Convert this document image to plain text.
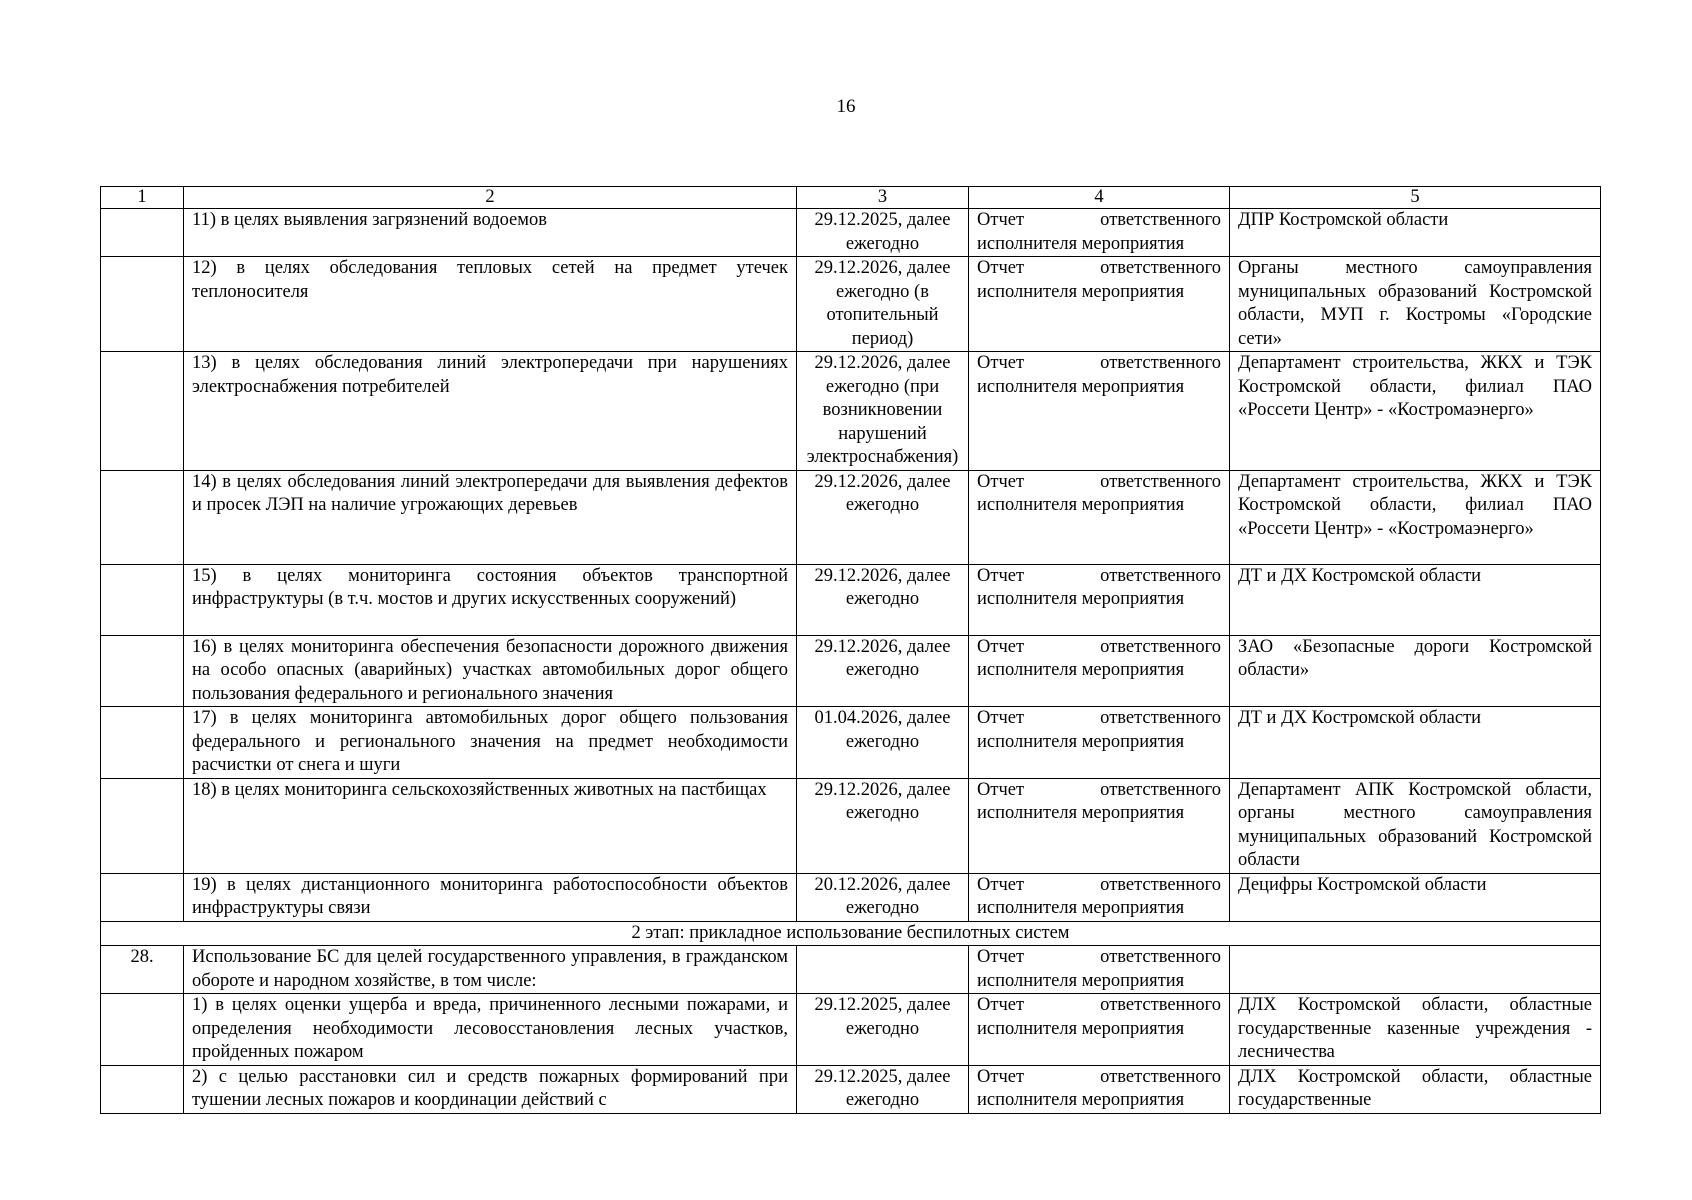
16
1	2	3	4	5
	11) в целях выявления загрязнений водоемов	29.12.2025, далее ежегодно	Отчет ответственного исполнителя мероприятия	ДПР Костромской области
	12) в целях обследования тепловых сетей на предмет утечек теплоносителя	29.12.2026, далее ежегодно (в отопительный период)	Отчет ответственного исполнителя мероприятия	Органы местного самоуправления муниципальных образований Костромской области, МУП г. Костромы «Городские сети»
	13) в целях обследования линий электропередачи при нарушениях электроснабжения потребителей	29.12.2026, далее ежегодно (при возникновении нарушений электроснабжения)	Отчет ответственного исполнителя мероприятия	Департамент строительства, ЖКХ и ТЭК Костромской области, филиал ПАО «Россети Центр» - «Костромаэнерго»
	14) в целях обследования линий электропередачи для выявления дефектов и просек ЛЭП на наличие угрожающих деревьев	29.12.2026, далее ежегодно	Отчет ответственного исполнителя мероприятия	Департамент строительства, ЖКХ и ТЭК Костромской области, филиал ПАО «Россети Центр» - «Костромаэнерго»
	15) в целях мониторинга состояния объектов транспортной инфраструктуры (в т.ч. мостов и других искусственных сооружений)	29.12.2026, далее ежегодно	Отчет ответственного исполнителя мероприятия	ДТ и ДХ Костромской области
	16) в целях мониторинга обеспечения безопасности дорожного движения на особо опасных (аварийных) участках автомобильных дорог общего пользования федерального и регионального значения	29.12.2026, далее ежегодно	Отчет ответственного исполнителя мероприятия	ЗАО «Безопасные дороги Костромской области»
	17) в целях мониторинга автомобильных дорог общего пользования федерального и регионального значения на предмет необходимости расчистки от снега и шуги	01.04.2026, далее ежегодно	Отчет ответственного исполнителя мероприятия	ДТ и ДХ Костромской области
	18) в целях мониторинга сельскохозяйственных животных на пастбищах	29.12.2026, далее ежегодно	Отчет ответственного исполнителя мероприятия	Департамент АПК Костромской области, органы местного самоуправления муниципальных образований Костромской области
	19) в целях дистанционного мониторинга работоспособности объектов инфраструктуры связи	20.12.2026, далее ежегодно	Отчет ответственного исполнителя мероприятия	Децифры Костромской области
2 этап: прикладное использование беспилотных систем				
28.	Использование БС для целей государственного управления, в гражданском обороте и народном хозяйстве, в том числе:		Отчет ответственного исполнителя мероприятия	
	1) в целях оценки ущерба и вреда, причиненного лесными пожарами, и определения необходимости лесовосстановления лесных участков, пройденных пожаром	29.12.2025, далее ежегодно	Отчет ответственного исполнителя мероприятия	ДЛХ Костромской области, областные государственные казенные учреждения - лесничества
	2) с целью расстановки сил и средств пожарных формирований при тушении лесных пожаров и координации действий с	29.12.2025, далее ежегодно	Отчет ответственного исполнителя мероприятия	ДЛХ Костромской области, областные государственные
